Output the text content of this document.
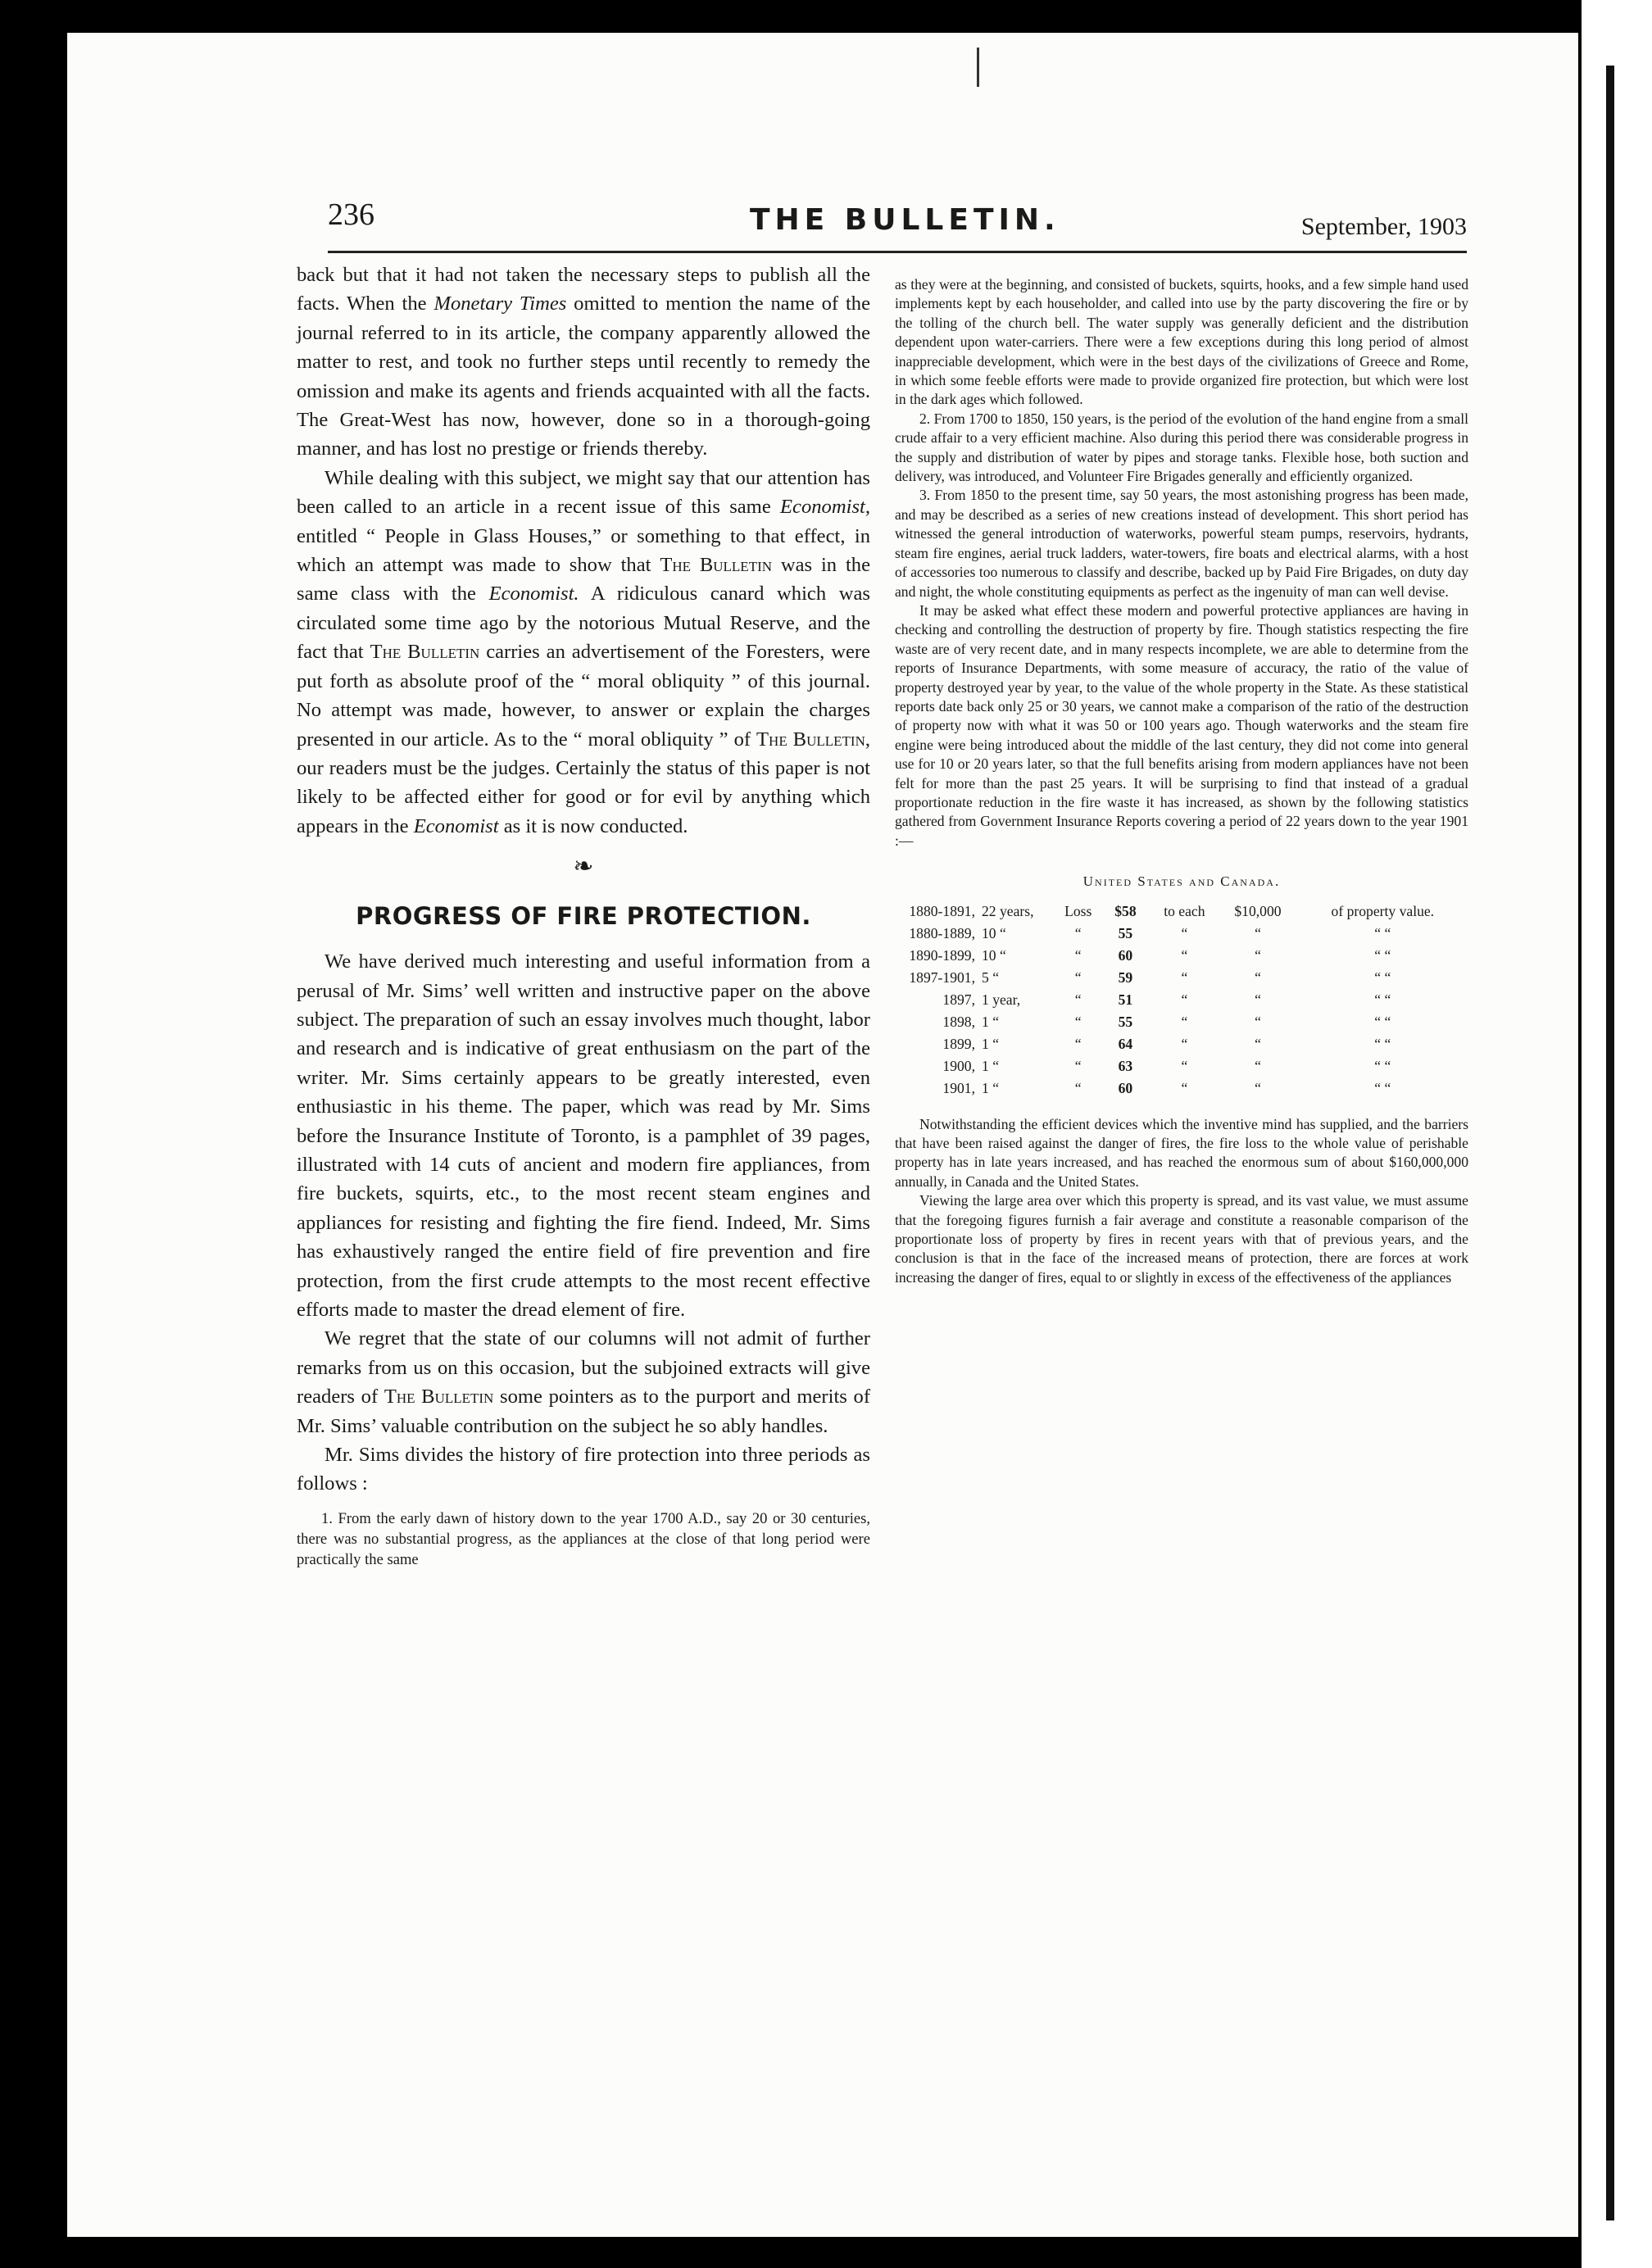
236	THE BULLETIN.	September, 1903

back but that it had not taken the necessary steps to publish all the facts. When the Monetary Times omitted to mention the name of the journal referred to in its article, the company apparently allowed the matter to rest, and took no further steps until recently to remedy the omission and make its agents and friends acquainted with all the facts. The Great-West has now, however, done so in a thorough-going manner, and has lost no prestige or friends thereby.

While dealing with this subject, we might say that our attention has been called to an article in a recent issue of this same Economist, entitled “ People in Glass Houses,” or something to that effect, in which an attempt was made to show that The Bulletin was in the same class with the Economist. A ridiculous canard which was circulated some time ago by the notorious Mutual Reserve, and the fact that The Bulletin carries an advertisement of the Foresters, were put forth as absolute proof of the “ moral obliquity ” of this journal. No attempt was made, however, to answer or explain the charges presented in our article. As to the “ moral obliquity ” of The Bulletin, our readers must be the judges. Certainly the status of this paper is not likely to be affected either for good or for evil by anything which appears in the Economist as it is now conducted.

❧
PROGRESS OF FIRE PROTECTION.

We have derived much interesting and useful information from a perusal of Mr. Sims’ well written and instructive paper on the above subject. The preparation of such an essay involves much thought, labor and research and is indicative of great enthusiasm on the part of the writer. Mr. Sims certainly appears to be greatly interested, even enthusiastic in his theme. The paper, which was read by Mr. Sims before the Insurance Institute of Toronto, is a pamphlet of 39 pages, illustrated with 14 cuts of ancient and modern fire appliances, from fire buckets, squirts, etc., to the most recent steam engines and appliances for resisting and fighting the fire fiend. Indeed, Mr. Sims has exhaustively ranged the entire field of fire prevention and fire protection, from the first crude attempts to the most recent effective efforts made to master the dread element of fire.

We regret that the state of our columns will not admit of further remarks from us on this occasion, but the subjoined extracts will give readers of The Bulletin some pointers as to the purport and merits of Mr. Sims’ valuable contribution on the subject he so ably handles.

Mr. Sims divides the history of fire protection into three periods as follows :

1. From the early dawn of history down to the year 1700 A.D., say 20 or 30 centuries, there was no substantial progress, as the appliances at the close of that long period were practically the same

as they were at the beginning, and consisted of buckets, squirts, hooks, and a few simple hand used implements kept by each householder, and called into use by the party discovering the fire or by the tolling of the church bell. The water supply was generally deficient and the distribution dependent upon water-carriers. There were a few exceptions during this long period of almost inappreciable development, which were in the best days of the civilizations of Greece and Rome, in which some feeble efforts were made to provide organized fire protection, but which were lost in the dark ages which followed.

2. From 1700 to 1850, 150 years, is the period of the evolution of the hand engine from a small crude affair to a very efficient machine. Also during this period there was considerable progress in the supply and distribution of water by pipes and storage tanks. Flexible hose, both suction and delivery, was introduced, and Volunteer Fire Brigades generally and efficiently organized.

3. From 1850 to the present time, say 50 years, the most astonishing progress has been made, and may be described as a series of new creations instead of development. This short period has witnessed the general introduction of waterworks, powerful steam pumps, reservoirs, hydrants, steam fire engines, aerial truck ladders, water-towers, fire boats and electrical alarms, with a host of accessories too numerous to classify and describe, backed up by Paid Fire Brigades, on duty day and night, the whole constituting equipments as perfect as the ingenuity of man can well devise.

It may be asked what effect these modern and powerful protective appliances are having in checking and controlling the destruction of property by fire. Though statistics respecting the fire waste are of very recent date, and in many respects incomplete, we are able to determine from the reports of Insurance Departments, with some measure of accuracy, the ratio of the value of property destroyed year by year, to the value of the whole property in the State. As these statistical reports date back only 25 or 30 years, we cannot make a comparison of the ratio of the destruction of property now with what it was 50 or 100 years ago. Though waterworks and the steam fire engine were being introduced about the middle of the last century, they did not come into general use for 10 or 20 years later, so that the full benefits arising from modern appliances have not been felt for more than the past 25 years. It will be surprising to find that instead of a gradual proportionate reduction in the fire waste it has increased, as shown by the following statistics gathered from Government Insurance Reports covering a period of 22 years down to the year 1901 :—

United States and Canada.

1880-1891,	22 years,	Loss	$58	to each	$10,000	of property value.
1880-1889,	10 “	“	55	“	“	“ “
1890-1899,	10 “	“	60	“	“	“ “
1897-1901,	5 “	“	59	“	“	“ “
1897,	1 year,	“	51	“	“	“ “
1898,	1 “	“	55	“	“	“ “
1899,	1 “	“	64	“	“	“ “
1900,	1 “	“	63	“	“	“ “
1901,	1 “	“	60	“	“	“ “

Notwithstanding the efficient devices which the inventive mind has supplied, and the barriers that have been raised against the danger of fires, the fire loss to the whole value of perishable property has in late years increased, and has reached the enormous sum of about $160,000,000 annually, in Canada and the United States.

Viewing the large area over which this property is spread, and its vast value, we must assume that the foregoing figures furnish a fair average and constitute a reasonable comparison of the proportionate loss of property by fires in recent years with that of previous years, and the conclusion is that in the face of the increased means of protection, there are forces at work increasing the danger of fires, equal to or slightly in excess of the effectiveness of the appliances
